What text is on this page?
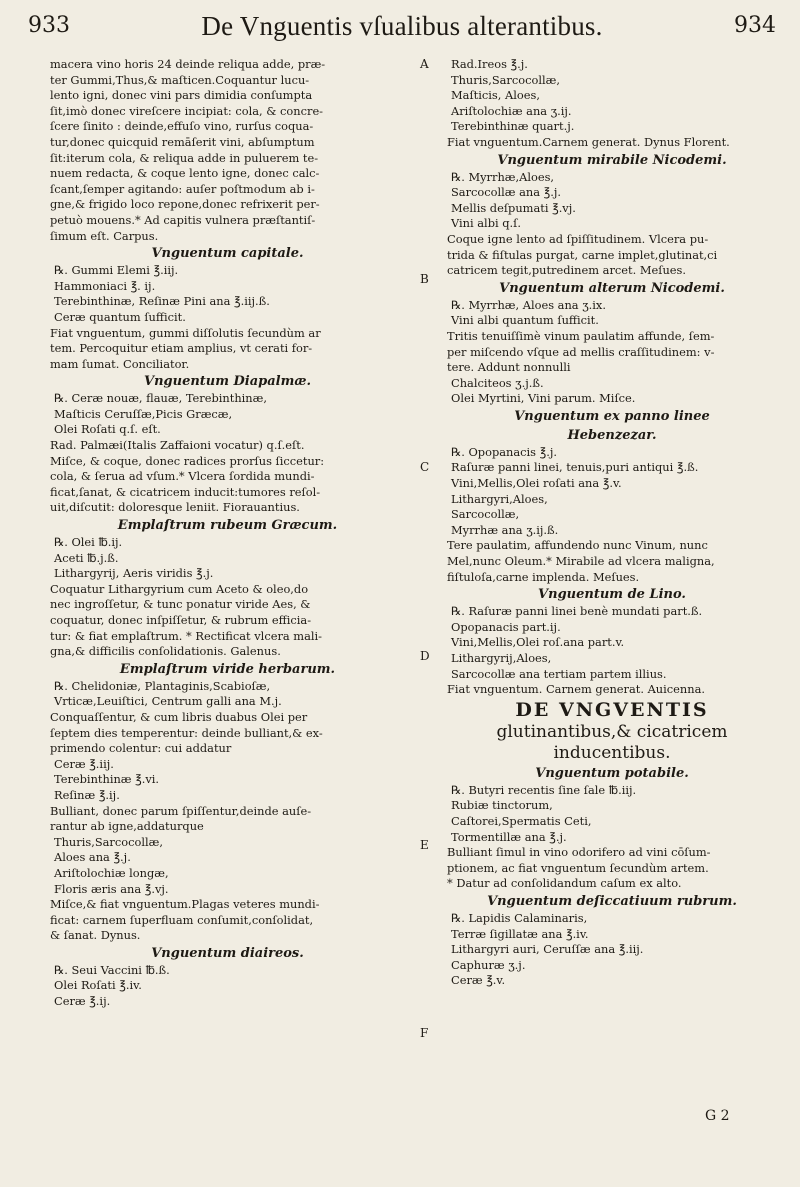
933	De Vnguentis vſualibus alterantibus.	934
macera vino horis 24 deinde reliqua adde, præ-
ter Gummi,Thus,& maſticen.Coquantur lucu-
lento igni, donec vini pars dimidia conſumpta
ſit,imò donec vireſcere incipiat: cola, & concre-
ſcere ſinito : deinde,effuſo vino, rurſus coqua-
tur,donec quicquid remāſerit vini, abſumptum
ſit:iterum cola, & reliqua adde in puluerem te-
nuem redacta, & coque lento igne, donec calc-
ſcant,ſemper agitando: auſer poſtmodum ab i-
gne,& frigido loco repone,donec refrixerit per-
petuò mouens.* Ad capitis vulnera præſtantiſ-
ſimum eſt. Carpus.
Vnguentum capitale.
℞. Gummi Elemi ℥.iij.
Hammoniaci ℥. ij.
Terebinthinæ, Reſinæ Pini ana ℥.iij.ß.
Ceræ quantum ſufficit.
Fiat vnguentum, gummi diſſolutis ſecundùm ar
tem. Percoquitur etiam amplius, vt cerati for-
mam ſumat. Conciliator.
Vnguentum Diapalmæ.
℞. Ceræ nouæ, flauæ, Terebinthinæ,
Maſticis Ceruſſæ,Picis Græcæ,
Olei Roſati q.ſ. eſt.
Rad. Palmæi(Italis Zaffaioni vocatur) q.ſ.eſt.
Miſce, & coque, donec radices prorſus ſiccetur:
cola, & ſerua ad vſum.* Vlcera ſordida mundi-
ficat,ſanat, & cicatricem inducit:tumores reſol-
uit,diſcutit: doloresque leniit. Fiorauantius.
Emplaſtrum rubeum Græcum.
℞. Olei ℔.ij.
Aceti ℔.j.ß.
Lithargyrij, Aeris viridis ℥.j.
Coquatur Lithargyrium cum Aceto & oleo,do
nec ingroſſetur, & tunc ponatur viride Aes, &
coquatur, donec inſpiſſetur, & rubrum efficia-
tur: & fiat emplaſtrum. * Rectificat vlcera mali-
gna,& difficilis conſolidationis. Galenus.
Emplaſtrum viride herbarum.
℞. Chelidoniæ, Plantaginis,Scabioſæ,
Vrticæ,Leuiſtici, Centrum galli ana M.j.
Conquaſſentur, & cum libris duabus Olei per
ſeptem dies temperentur: deinde bulliant,& ex-
primendo colentur: cui addatur
Ceræ ℥.iij.
Terebinthinæ ℥.vi.
Reſinæ ℥.ij.
Bulliant, donec parum ſpiſſentur,deinde auſe-
rantur ab igne,addaturque
Thuris,Sarcocollæ,
Aloes ana ℥.j.
Ariſtolochiæ longæ,
Floris æris ana ℥.vj.
Miſce,& fiat vnguentum.Plagas veteres mundi-
ficat: carnem ſuperfluam conſumit,conſolidat,
& ſanat. Dynus.
Vnguentum diaireos.
℞. Seui Vaccini ℔.ß.
Olei Roſati ℥.iv.
Ceræ ℥.ij.
A
B
C
D
E
F
Rad.Ireos ℥.j.
Thuris,Sarcocollæ,
Maſticis, Aloes,
Ariſtolochiæ ana ʒ.ij.
Terebinthinæ quart.j.
Fiat vnguentum.Carnem generat. Dynus Florent.
Vnguentum mirabile Nicodemi.
℞. Myrrhæ,Aloes,
Sarcocollæ ana ℥.j.
Mellis deſpumati ℥.vj.
Vini albi q.ſ.
Coque igne lento ad ſpiſſitudinem. Vlcera pu-
trida & fiſtulas purgat, carne implet,glutinat,ci
catricem tegit,putredinem arcet. Meſues.
Vnguentum alterum Nicodemi.
℞. Myrrhæ, Aloes ana ʒ.ix.
Vini albi quantum ſufficit.
Tritis tenuiſſimè vinum paulatim affunde, ſem-
per miſcendo vſque ad mellis craſſitudinem: v-
tere. Addunt nonnulli
Chalciteos ʒ.j.ß.
Olei Myrtini, Vini parum. Miſce.
Vnguentum ex panno linee
Hebenzezar.
℞. Opopanacis ℥.j.
Raſuræ panni linei, tenuis,puri antiqui ℥.ß.
Vini,Mellis,Olei roſati ana ℥.v.
Lithargyri,Aloes,
Sarcocollæ,
Myrrhæ ana ʒ.ij.ß.
Tere paulatim, affundendo nunc Vinum, nunc
Mel,nunc Oleum.* Mirabile ad vlcera maligna,
fiſtuloſa,carne implenda. Meſues.
Vnguentum de Lino.
℞. Raſuræ panni linei benè mundati part.ß.
Opopanacis part.ij.
Vini,Mellis,Olei roſ.ana part.v.
Lithargyrij,Aloes,
Sarcocollæ ana tertiam partem illius.
Fiat vnguentum. Carnem generat. Auicenna.
DE VNGVENTIS
glutinantibus,& cicatricem
inducentibus.
Vnguentum potabile.
℞. Butyri recentis ſine ſale ℔.iij.
Rubiæ tinctorum,
Caſtorei,Spermatis Ceti,
Tormentillæ ana ℥.j.
Bulliant ſimul in vino odorifero ad vini cōſum-
ptionem, ac fiat vnguentum ſecundùm artem.
* Datur ad conſolidandum caſum ex alto.
Vnguentum deſiccatiuum rubrum.
℞. Lapidis Calaminaris,
Terræ ſigillatæ ana ℥.iv.
Lithargyri auri, Ceruſſæ ana ℥.iij.
Caphuræ ʒ.j.
Ceræ ℥.v.
G 2
